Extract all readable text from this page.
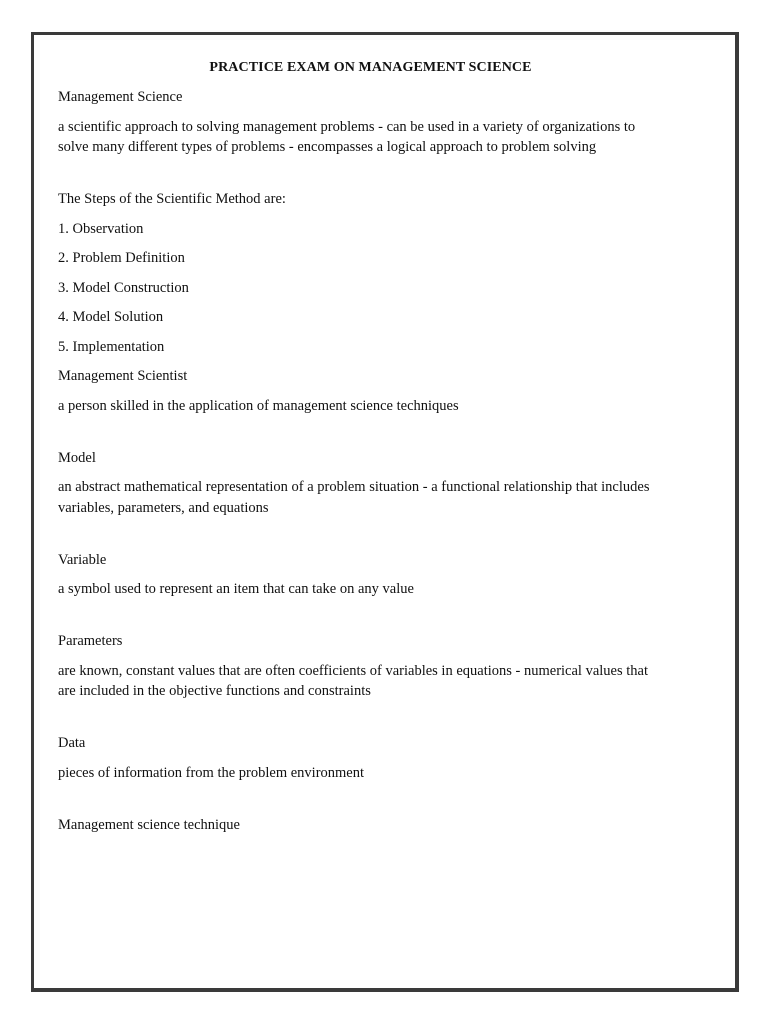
PRACTICE EXAM ON MANAGEMENT SCIENCE
Management Science
a scientific approach to solving management problems - can be used in a variety of organizations to solve many different types of problems - encompasses a logical approach to problem solving
The Steps of the Scientific Method are:
1. Observation
2. Problem Definition
3. Model Construction
4. Model Solution
5. Implementation
Management Scientist
a person skilled in the application of management science techniques
Model
an abstract mathematical representation of a problem situation - a functional relationship that includes variables, parameters, and equations
Variable
a symbol used to represent an item that can take on any value
Parameters
are known, constant values that are often coefficients of variables in equations - numerical values that are included in the objective functions and constraints
Data
pieces of information from the problem environment
Management science technique
